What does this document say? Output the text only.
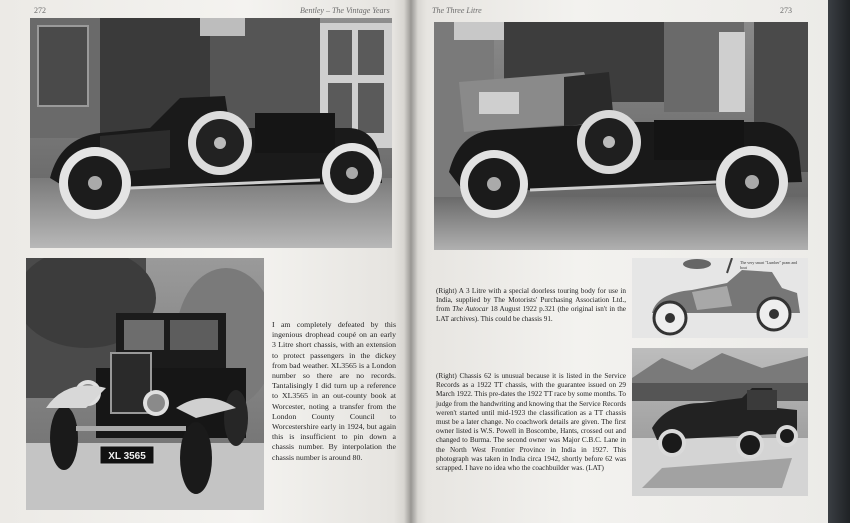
272	Bentley – The Vintage Years
XL 3565
I am completely defeated by this ingenious drophead coupé on an early 3 Litre short chassis, with an extension to protect passengers in the dickey from bad weather. XL3565 is a London number so there are no records. Tantalisingly I did turn up a reference to XL3565 in an out-county book at Worcester, noting a transfer from the London County Council to Worcestershire early in 1924, but again this is insufficient to pin down a chassis number. By interpolation the chassis number is around 80.
The Three Litre	273
The very smart "Lumber" pram and boat
(Right) A 3 Litre with a special doorless touring body for use in India, supplied by The Motorists' Purchasing Association Ltd., from The Autocar 18 August 1922 p.321 (the original isn't in the LAT archives). This could be chassis 91.
(Right) Chassis 62 is unusual because it is listed in the Service Records as a 1922 TT chassis, with the guarantee issued on 29 March 1922. This pre-dates the 1922 TT race by some months. To judge from the handwriting and knowing that the Service Records weren't started until mid-1923 the classification as a TT chassis must be a later change. No coachwork details are given. The first owner listed is W.S. Powell in Boscombe, Hants, crossed out and changed to Burma. The second owner was Major C.B.C. Lane in the North West Frontier Province in India in 1927. This photograph was taken in India circa 1942, shortly before 62 was scrapped. I have no idea who the coachbuilder was. (LAT)
